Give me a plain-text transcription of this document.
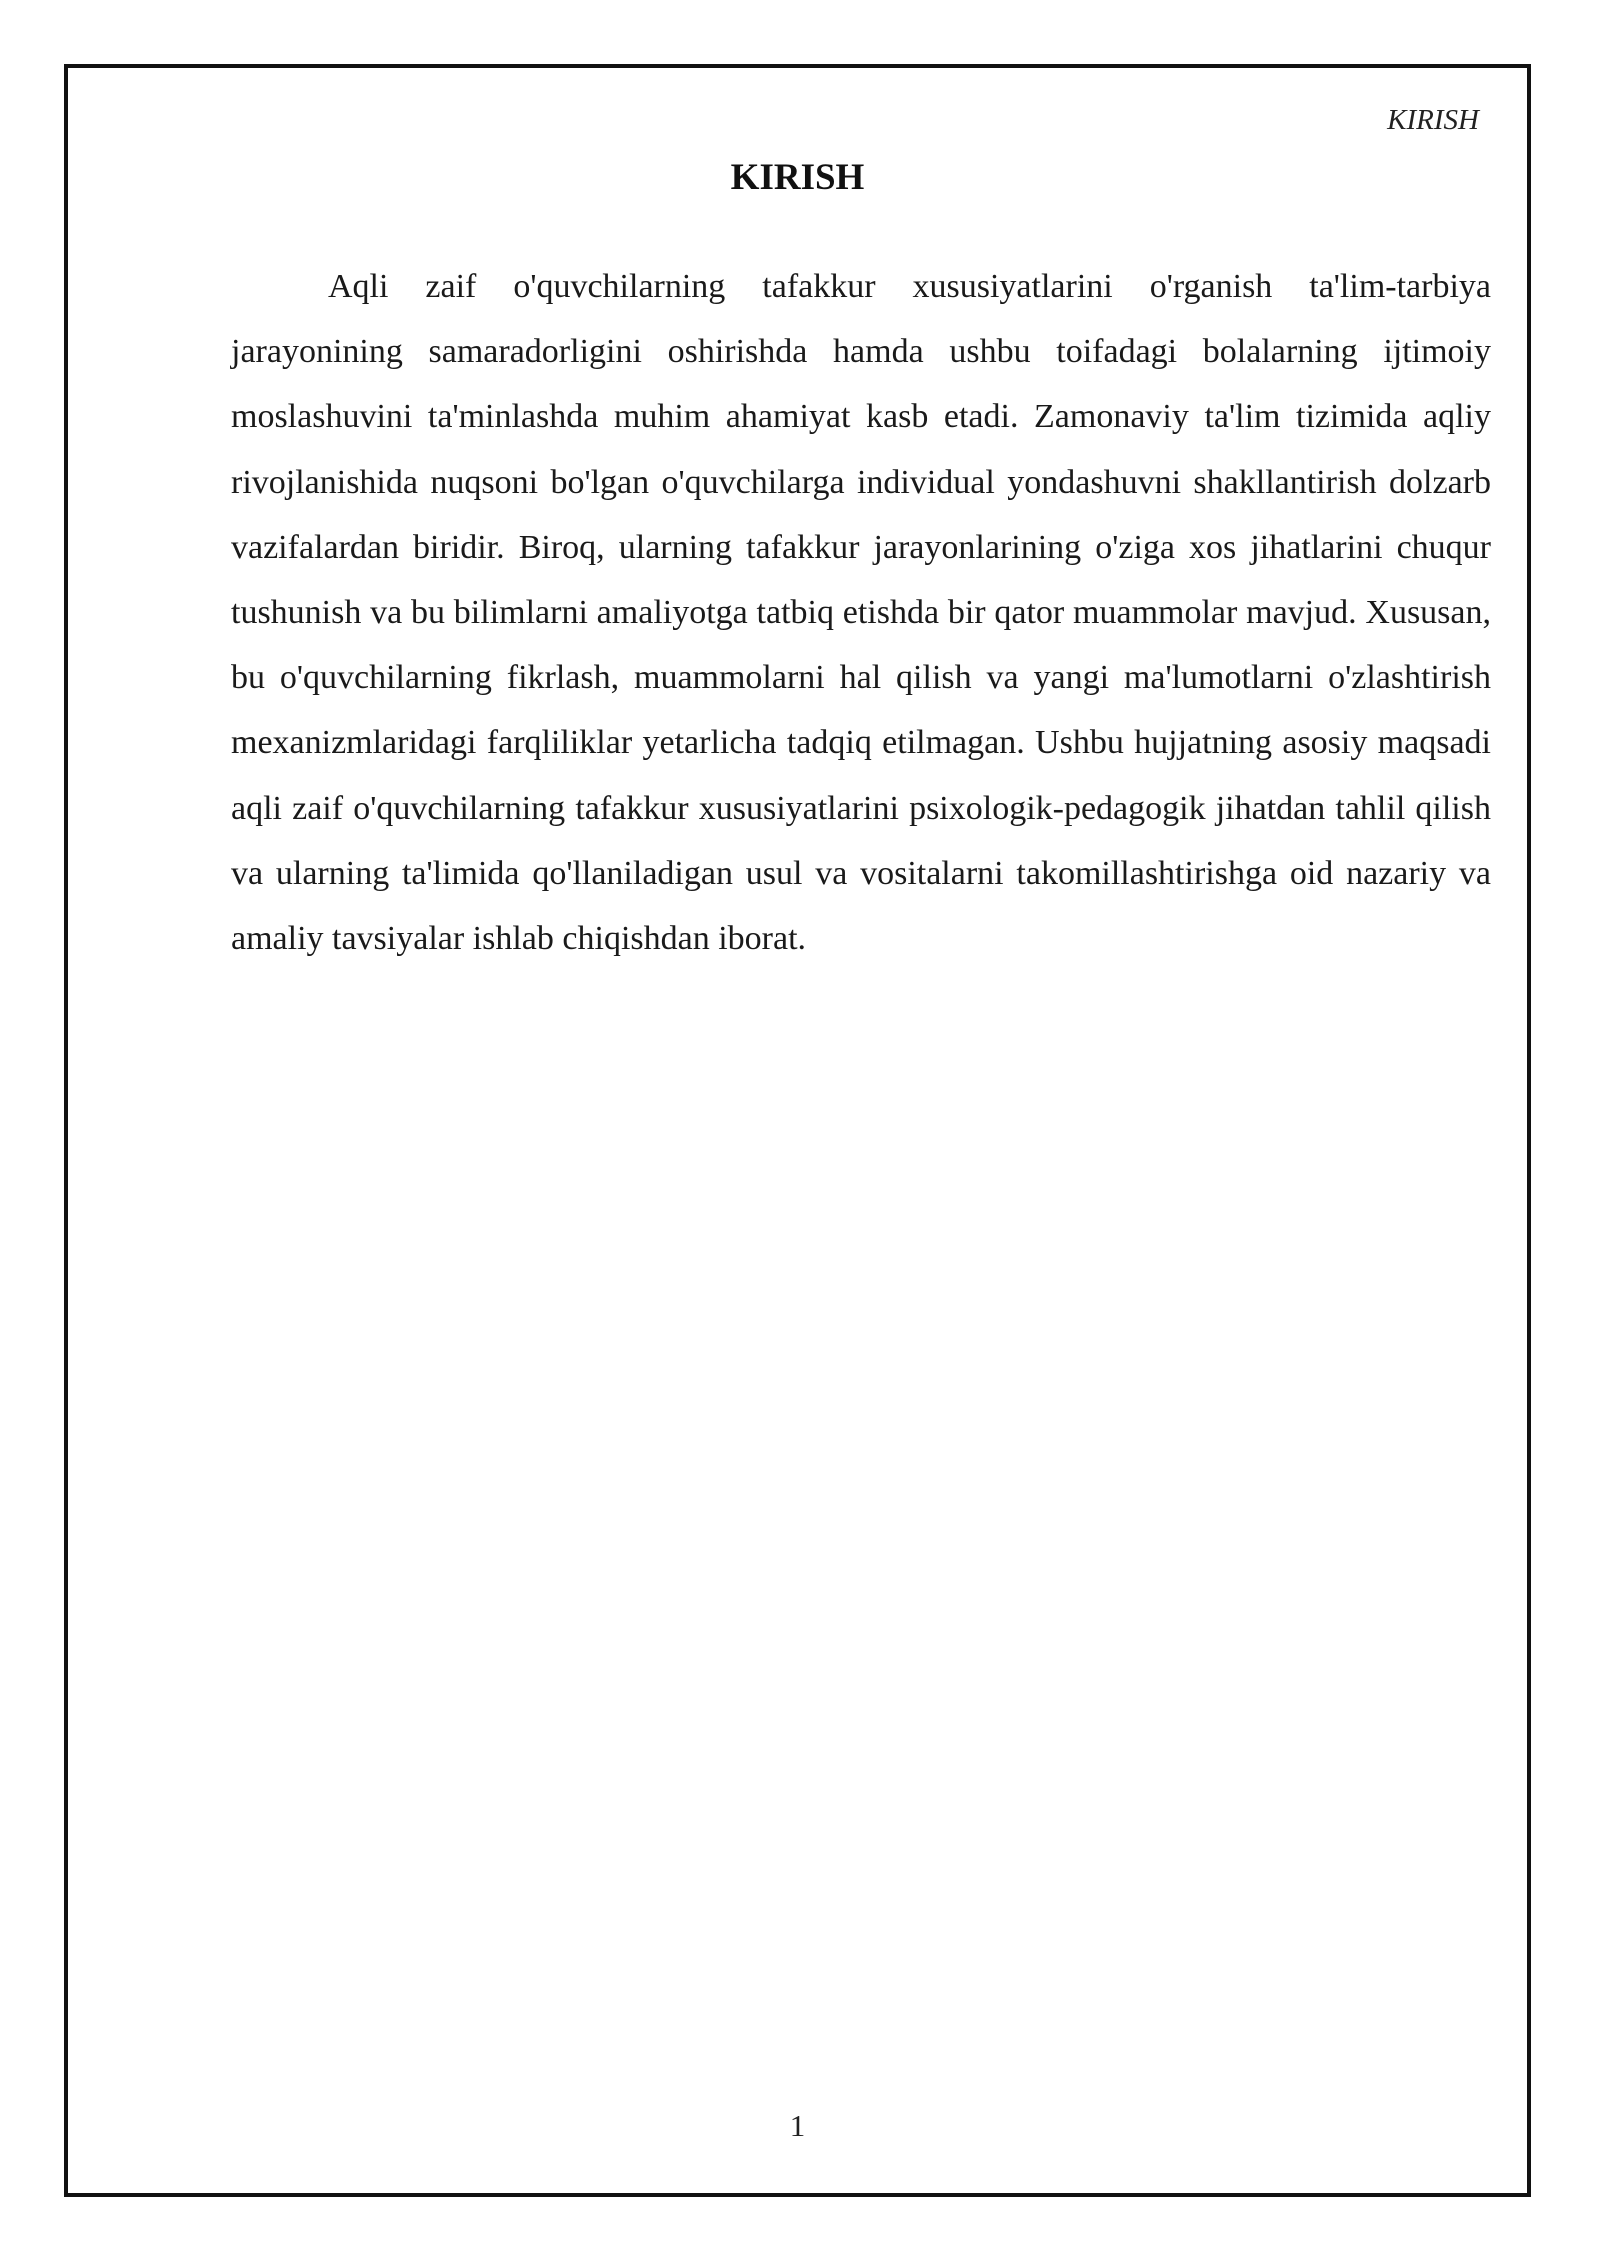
KIRISH
KIRISH

Aqli zaif o'quvchilarning tafakkur xususiyatlarini o'rganish ta'lim-tarbiya jarayonining samaradorligini oshirishda hamda ushbu toifadagi bolalarning ijtimoiy moslashuvini ta'minlashda muhim ahamiyat kasb etadi. Zamonaviy ta'lim tizimida aqliy rivojlanishida nuqsoni bo'lgan o'quvchilarga individual yondashuvni shakllantirish dolzarb vazifalardan biridir. Biroq, ularning tafakkur jarayonlarining o'ziga xos jihatlarini chuqur tushunish va bu bilimlarni amaliyotga tatbiq etishda bir qator muammolar mavjud. Xususan, bu o'quvchilarning fikrlash, muammolarni hal qilish va yangi ma'lumotlarni o'zlashtirish mexanizmlaridagi farqliliklar yetarlicha tadqiq etilmagan. Ushbu hujjatning asosiy maqsadi aqli zaif o'quvchilarning tafakkur xususiyatlarini psixologik-pedagogik jihatdan tahlil qilish va ularning ta'limida qo'llaniladigan usul va vositalarni takomillashtirishga oid nazariy va amaliy tavsiyalar ishlab chiqishdan iborat.

1
